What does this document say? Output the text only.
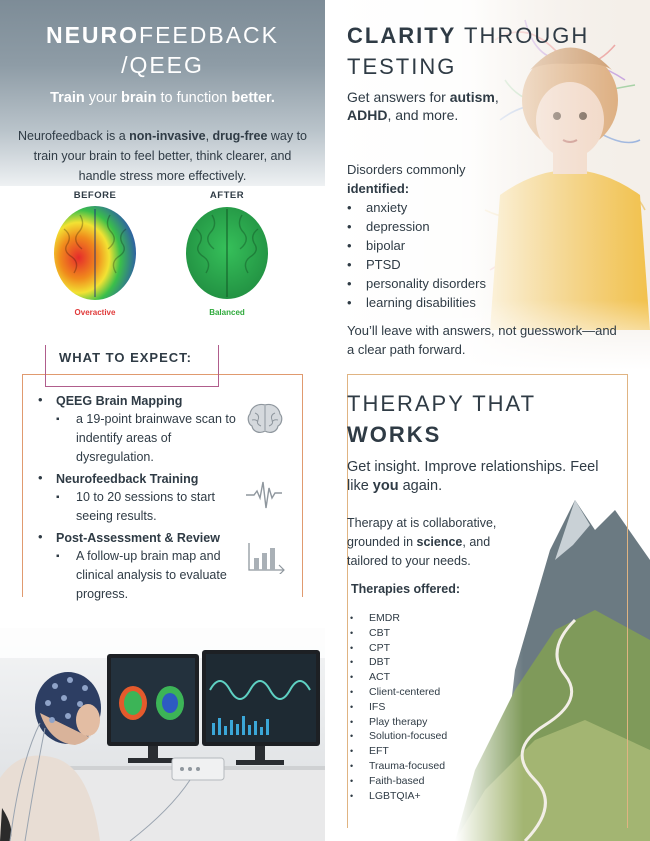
NEUROFEEDBACK
/QEEG
Train your brain to function better.
Neurofeedback is a non-invasive, drug-free way to train your brain to feel better, think clearer, and handle stress more effectively.
BEFORE
Overactive
AFTER
Balanced
WHAT TO EXPECT:
• QEEG Brain Mapping
▪ a 19-point brainwave scan to indentify areas of dysregulation.
• Neurofeedback Training
▪ 10 to 20 sessions to start seeing results.
• Post-Assessment & Review
▪ A follow-up brain map and clinical analysis to evaluate progress.
CLARITY THROUGH
TESTING
Get answers for autism, ADHD, and more.
Disorders commonly
identified:
• anxiety
• depression
• bipolar
• PTSD
• personality disorders
• learning disabilities
You’ll leave with answers, not guesswork—and a clear path forward.
THERAPY THAT
WORKS
Get insight. Improve relationships. Feel like you again.
Therapy at is collaborative, grounded in science, and tailored to your needs.
Therapies offered:
• EMDR
• CBT
• CPT
• DBT
• ACT
• Client-centered
• IFS
• Play therapy
• Solution-focused
• EFT
• Trauma-focused
• Faith-based
• LGBTQIA+
